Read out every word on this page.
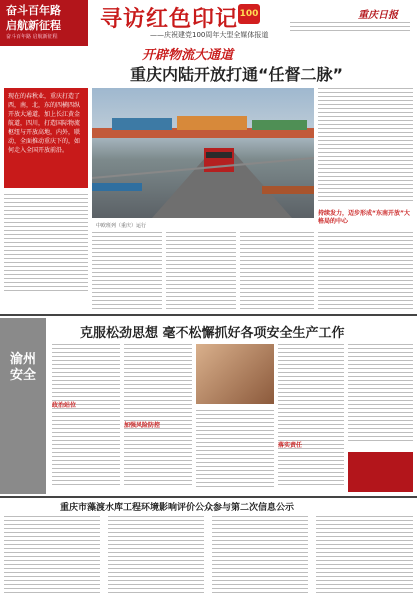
奋斗百年路
启航新征程
奋斗百年路 启航新征程
寻访红色印记 100
——庆祝建党100周年大型全媒体报道
重庆日报
开辟物流大通道
重庆内陆开放打通“任督二脉”
现在的春秋业，重庆打造了西，南，北，东的四横四纵开放大通道，加上长江黄金航道，四川，打造国际物流枢纽与开放高地，内外，联动，全面推动重庆下的，如何走入全国开放前沿。
中欧班列（重庆）运行
持续发力，迈步形成“东南开放”大格局的中心
渝州安全
克服松劲思想 毫不松懈抓好各项安全生产工作
政治站位
加强风险防控
落实责任
重庆市藻渡水库工程环境影响评价公众参与第二次信息公示
